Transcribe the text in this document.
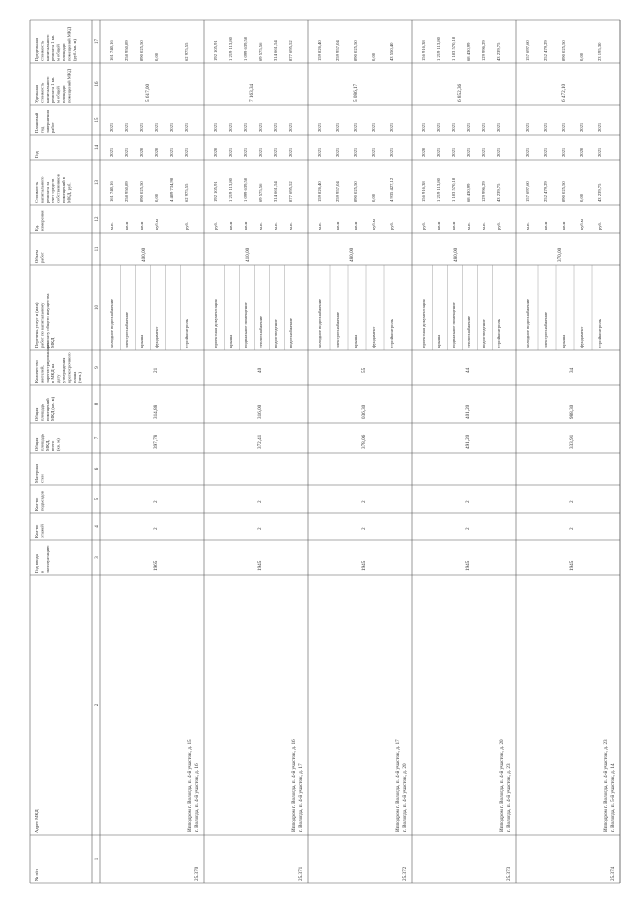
№ п/п
Адрес МКД
Год вводавэксплуатацию
Кол-воэтажей
Кол-воподъездов
Материалстен
ОбщаяплощадьМКД,всего(кв. м)
ОбщаяплощадьпомещенийМКД (кв. м)
Количествожителей,зарегистрированныхв МКД надатуутверждениякраткосрочногоплана(чел.)
Перечень услуг и (или)работ по капитальномуремонту общего имуществаМКД
Объемработ
Ед.измерения
Стоимостькапитальногоремонта засчет средствсобственниковпомещений вМКД, руб.
Год
Плановыйгодзавершенияработ
Удельнаястоимостькапитальногоремонта 1 кв.м общейплощадипомещений МКД
Предельнаястоимостькапитальногоремонта 1 кв.м общейплощадипомещений МКД(руб./кв. м)
1
2
3
4
5
6
7
8
9
10
11
12
13
14
15
16
17
25.370
Ипподром г. Вологда, п. 4-й участок, д. 15 г. Вологда, п. 4-й участок, д. 16
1965
2
2
397,78
314,88
21
400,00
5 617,00
холодное водоснабжение
м.п.
161 740,16
2021
2021
161 740,16
электроснабжение
кв.м
258 950,89
2021
2021
258 950,89
крыша
кв.м
890 025,50
2020
2021
890 025,50
фундамент
куб.м
0,00
2020
2021
0,00
4 409 734,98
2021
2021
стройконтроль
руб.
62 975,55
2021
2021
62 975,55
25.371
Ипподром г. Вологда, п. 4-й участок, д. 16 г. Вологда, п. 4-й участок, д. 17
1945
2
2
372,41
316,00
40
410,00
7 163,34
проектная документация
руб.
192 105,91
2020
2021
192 105,91
крыша
кв.м
1 219 113,80
2021
2021
1 219 113,80
подвальное помещение
кв.м
1 099 639,50
2021
2021
1 099 639,50
теплоснабжение
м.п.
69 575,56
2021
2021
69 575,56
водоотведение
м.п.
314 661,54
2021
2021
314 661,54
водоснабжение
м.п.
877 695,52
2021
2021
877 695,52
25.372
Ипподром г. Вологда, п. 4-й участок, д. 17 г. Вологда, п. 4-й участок, д. 20
1945
2
2
378,06
036,30
55
480,00
5 086,17
холодное водоснабжение
м.п.
159 826,40
2021
2021
159 826,40
электроснабжение
кв.м
259 957,04
2021
2021
259 957,04
крыша
кв.м
890 025,50
2021
2021
890 025,50
фундамент
куб.м
0,00
2021
2021
0,00
стройконтроль
руб.
4 935 427,12
2021
2021
43 550,40
25.373
Ипподром г. Вологда, п. 4-й участок, д. 20 г. Вологда, п. 4-й участок, д. 23
1945
2
2
491,20
401,20
44
480,00
6 852,36
проектная документация
руб.
156 916,38
2020
2021
156 916,38
крыша
кв.м
1 219 113,80
2021
2021
1 219 113,80
подвальное помещение
кв.м
1 183 570,18
2021
2021
1 183 570,18
теплоснабжение
м.п.
68 430,99
2021
2021
68 430,99
водоотведение
м.п.
129 996,29
2021
2021
129 996,29
стройконтроль
руб.
43 239,75
2021
2021
43 239,75
25.374
Ипподром г. Вологда, п. 4-й участок, д. 23 г. Вологда, п. 5-й участок, д. 14
1945
2
2
333,91
988,30
34
370,00
6 472,10
холодное водоснабжение
м.п.
157 697,60
2021
2021
157 697,60
электроснабжение
кв.м
252 479,29
2021
2021
252 479,29
крыша
кв.м
890 025,50
2021
2021
890 025,50
фундамент
куб.м
0,00
2020
2021
0,00
стройконтроль
руб.
43 239,75
2021
2021
23 195,30
